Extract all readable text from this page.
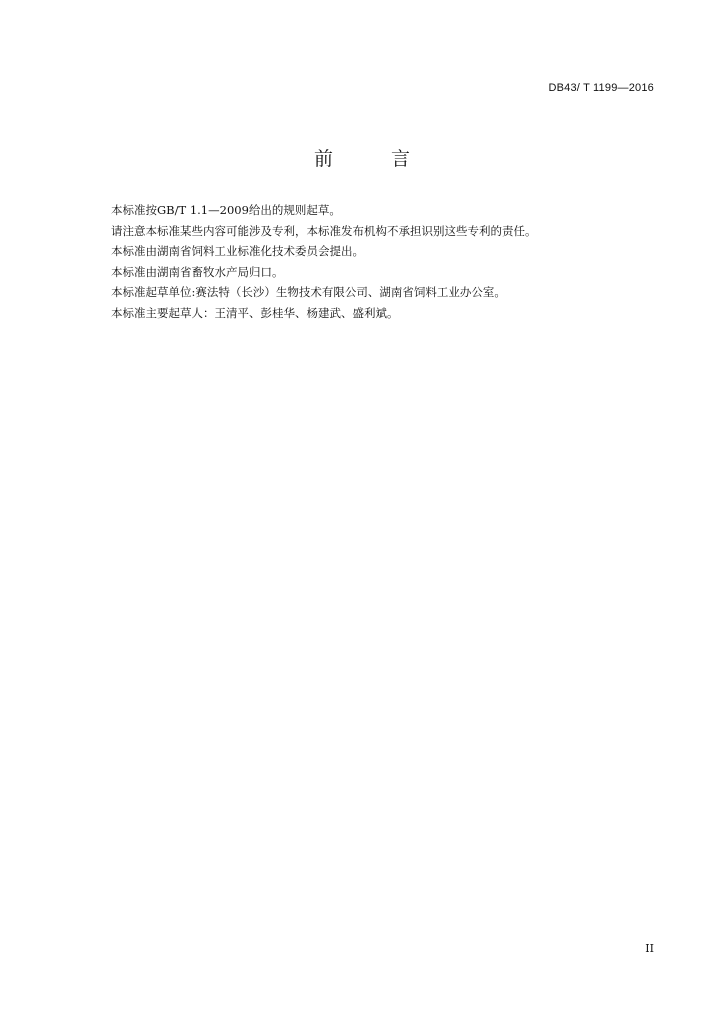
DB43/ T 1199—2016
前 言

本标准按GB/T 1.1—2009给出的规则起草。

请注意本标准某些内容可能涉及专利，本标准发布机构不承担识别这些专利的责任。

本标准由湖南省饲料工业标准化技术委员会提出。

本标准由湖南省畜牧水产局归口。

本标准起草单位:赛法特（长沙）生物技术有限公司、湖南省饲料工业办公室。

本标准主要起草人：王清平、彭桂华、杨建武、盛利斌。

II
